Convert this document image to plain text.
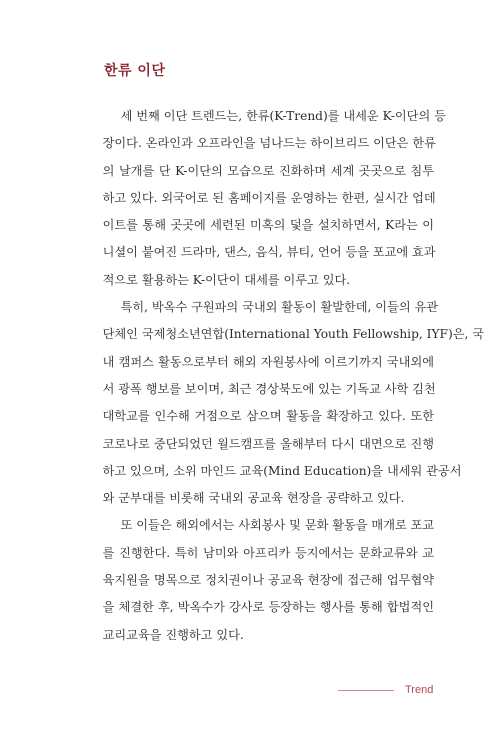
한류 이단

세 번째 이단 트렌드는, 한류(K-Trend)를 내세운 K-이단의 등
장이다. 온라인과 오프라인을 넘나드는 하이브리드 이단은 한류
의 날개를 단 K-이단의 모습으로 진화하며 세계 곳곳으로 침투
하고 있다. 외국어로 된 홈페이지를 운영하는 한편, 실시간 업데
이트를 통해 곳곳에 세련된 미혹의 덫을 설치하면서, K라는 이
니셜이 붙여진 드라마, 댄스, 음식, 뷰티, 언어 등을 포교에 효과
적으로 활용하는 K-이단이 대세를 이루고 있다.

특히, 박옥수 구원파의 국내외 활동이 활발한데, 이들의 유관
단체인 국제청소년연합(International Youth Fellowship, IYF)은, 국
내 캠퍼스 활동으로부터 해외 자원봉사에 이르기까지 국내외에
서 광폭 행보를 보이며, 최근 경상북도에 있는 기독교 사학 김천
대학교를 인수해 거점으로 삼으며 활동을 확장하고 있다. 또한
코로나로 중단되었던 월드캠프를 올해부터 다시 대면으로 진행
하고 있으며, 소위 마인드 교육(Mind Education)을 내세워 관공서
와 군부대를 비롯해 국내외 공교육 현장을 공략하고 있다.

또 이들은 해외에서는 사회봉사 및 문화 활동을 매개로 포교
를 진행한다. 특히 남미와 아프리카 등지에서는 문화교류와 교
육지원을 명목으로 정치권이나 공교육 현장에 접근해 업무협약
을 체결한 후, 박옥수가 강사로 등장하는 행사를 통해 합법적인
교리교육을 진행하고 있다.

Trend
